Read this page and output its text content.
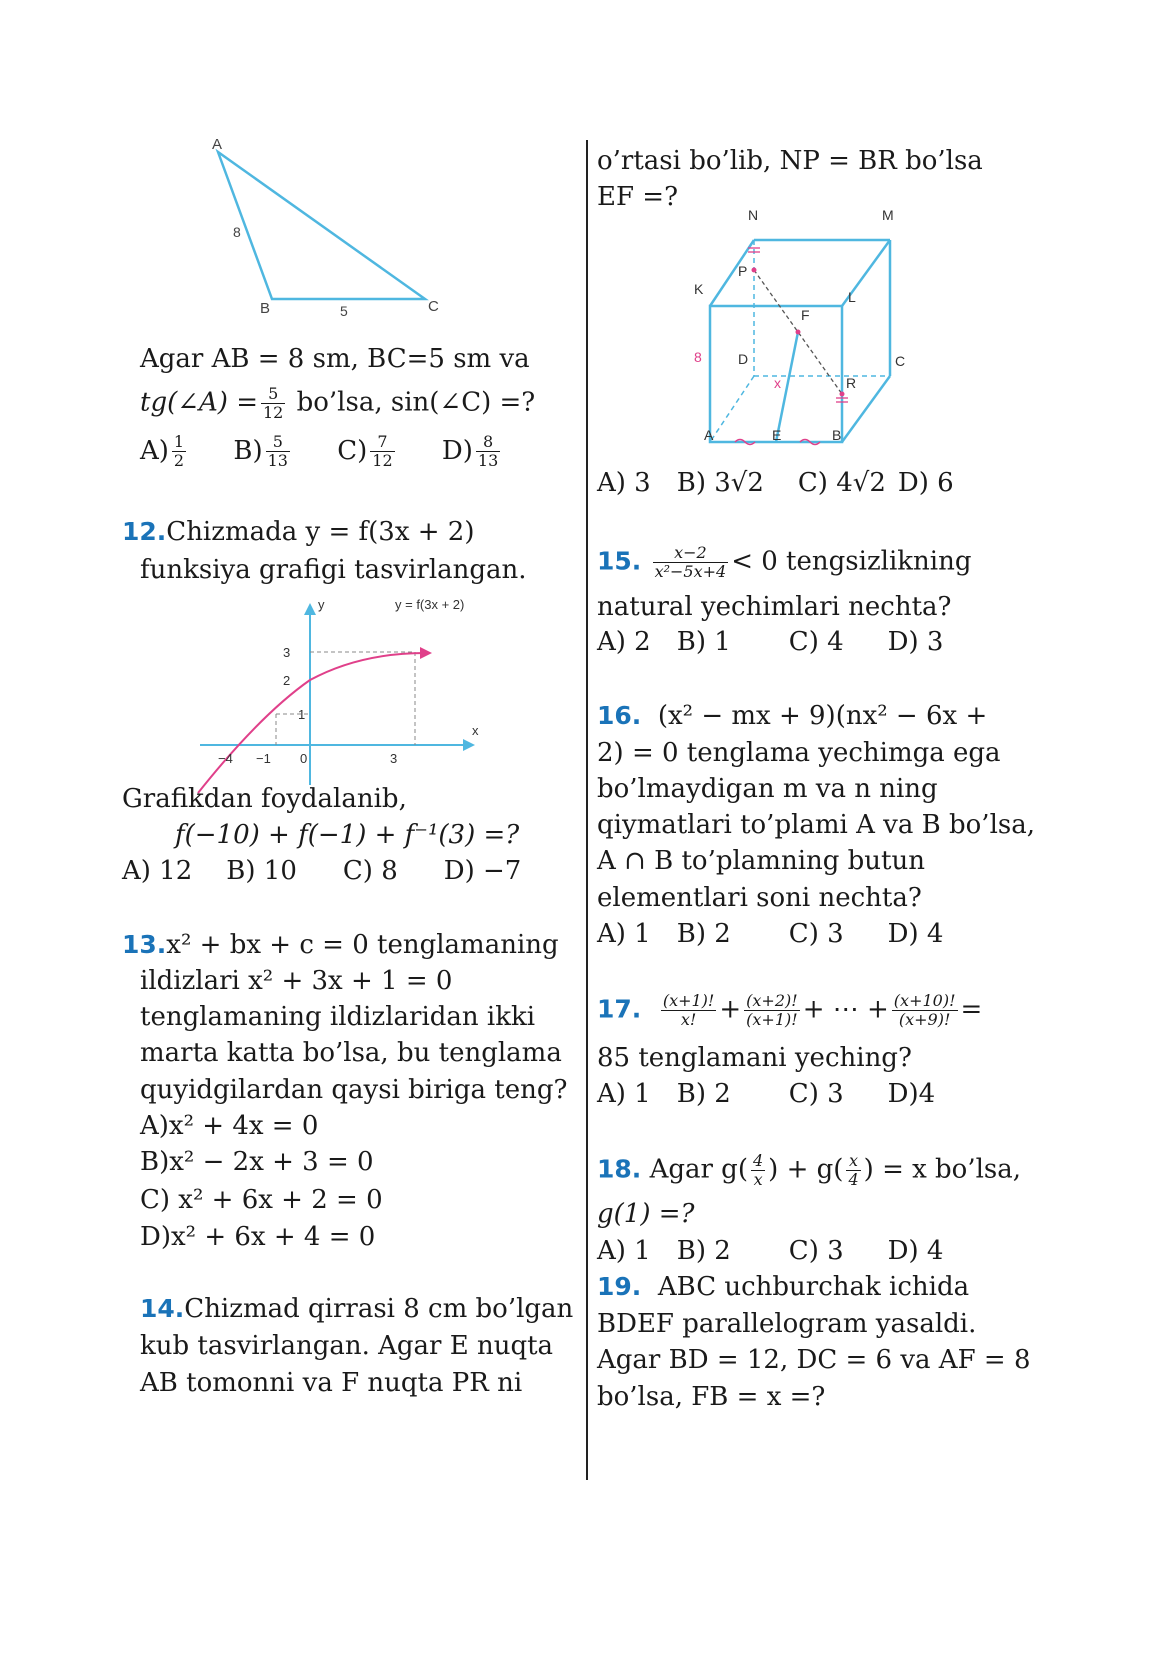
A
B	C
8
5
Agar AB = 8 sm, BC=5 sm va
tg(∠A) = $\frac{5}{12}$ bo’lsa, sin(∠C) =?
$A) \frac{1}{2} B) \frac{5}{13} C) \frac{7}{12} D) \frac{8}{13}$
12.Chizmada y = f(3x + 2)
funksiya grafigi tasvirlangan.
y = f(3x + 2)
y
x
−4 −1 0	3
1
2
3
Grafikdan foydalanib,
f(−10) + f(−1) + f⁻¹(3) =?
A) 12 B) 10 C) 8 D) −7
13.x² + bx + c = 0 tenglamaning
ildizlari x² + 3x + 1 = 0
tenglamaning ildizlaridan ikki
marta katta bo’lsa, bu tenglama
quyidgilardan qaysi biriga teng?
A)x² + 4x = 0
B)x² − 2x + 3 = 0
C) x² + 6x + 2 = 0
D)x² + 6x + 4 = 0
14.Chizmad qirrasi 8 cm bo’lgan
kub tasvirlangan. Agar E nuqta
AB tomonni va F nuqta PR ni
o’rtasi bo’lib, NP = BR bo’lsa
EF =?
N	M
K	L
P
F
D	C
R
A	E	B
x
8
A) 3 B) 3√2 C) 4√2 D) 6
15. $\frac{x-2}{\text{x²−5x+4}} < 0$ tengsizlikning
natural yechimlari nechta?
A) 2 B) 1 C) 4 D) 3
16. (x² − mx + 9)(nx² − 6x +
2) = 0 tenglama yechimga ega
bo’lmaydigan m va n ning
qiymatlari to’plami A va B bo’lsa,
A ∩ B to’plamning butun
elementlari soni nechta?
A) 1 B) 2 C) 3 D) 4
17. $\frac{(x+1)!}{x!} + \frac{(x+2)!}{(x+1)!}$ + ⋯ + $\frac{(x+10)!}{(x+9)!}$ =
85 tenglamani yeching?
A) 1 B) 2 C) 3 D)4
18. Agar $g( \frac{4}{x}$ ) + $g( \frac{x}{4}$ ) = x bo’lsa,
g(1) =?
A) 1 B) 2 C) 3 D) 4
19. ABC uchburchak ichida
BDEF parallelogram yasaldi.
Agar BD = 12, DC = 6 va AF = 8
bo’lsa, FB = x =?
